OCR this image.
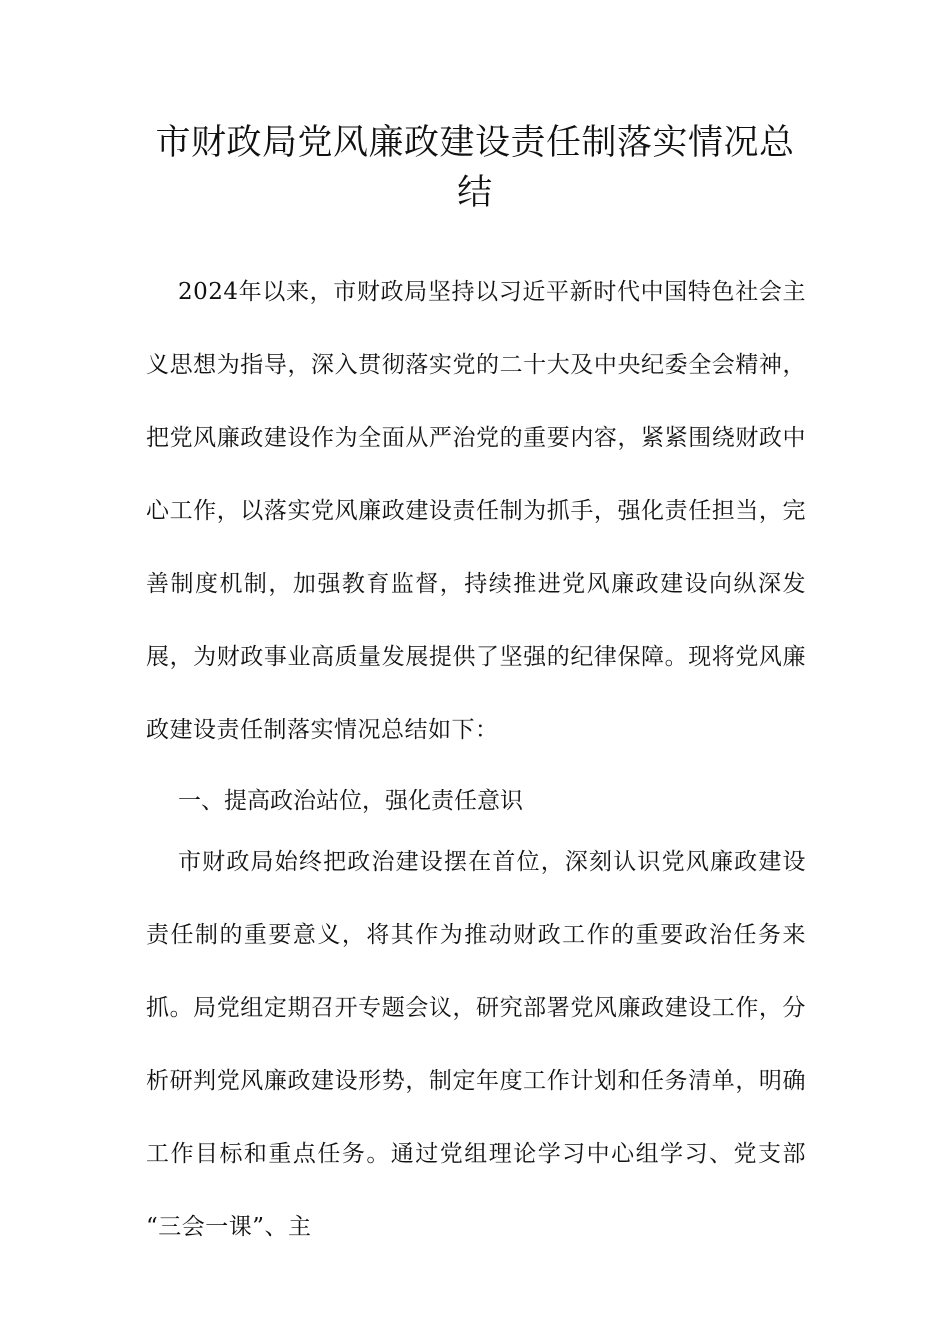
市财政局党风廉政建设责任制落实情况总结

2024年以来，市财政局坚持以习近平新时代中国特色社会主义思想为指导，深入贯彻落实党的二十大及中央纪委全会精神，把党风廉政建设作为全面从严治党的重要内容，紧紧围绕财政中心工作，以落实党风廉政建设责任制为抓手，强化责任担当，完善制度机制，加强教育监督，持续推进党风廉政建设向纵深发展，为财政事业高质量发展提供了坚强的纪律保障。现将党风廉政建设责任制落实情况总结如下：

一、提高政治站位，强化责任意识

市财政局始终把政治建设摆在首位，深刻认识党风廉政建设责任制的重要意义，将其作为推动财政工作的重要政治任务来抓。局党组定期召开专题会议，研究部署党风廉政建设工作，分析研判党风廉政建设形势，制定年度工作计划和任务清单，明确工作目标和重点任务。通过党组理论学习中心组学习、党支部 “三会一课”、主
